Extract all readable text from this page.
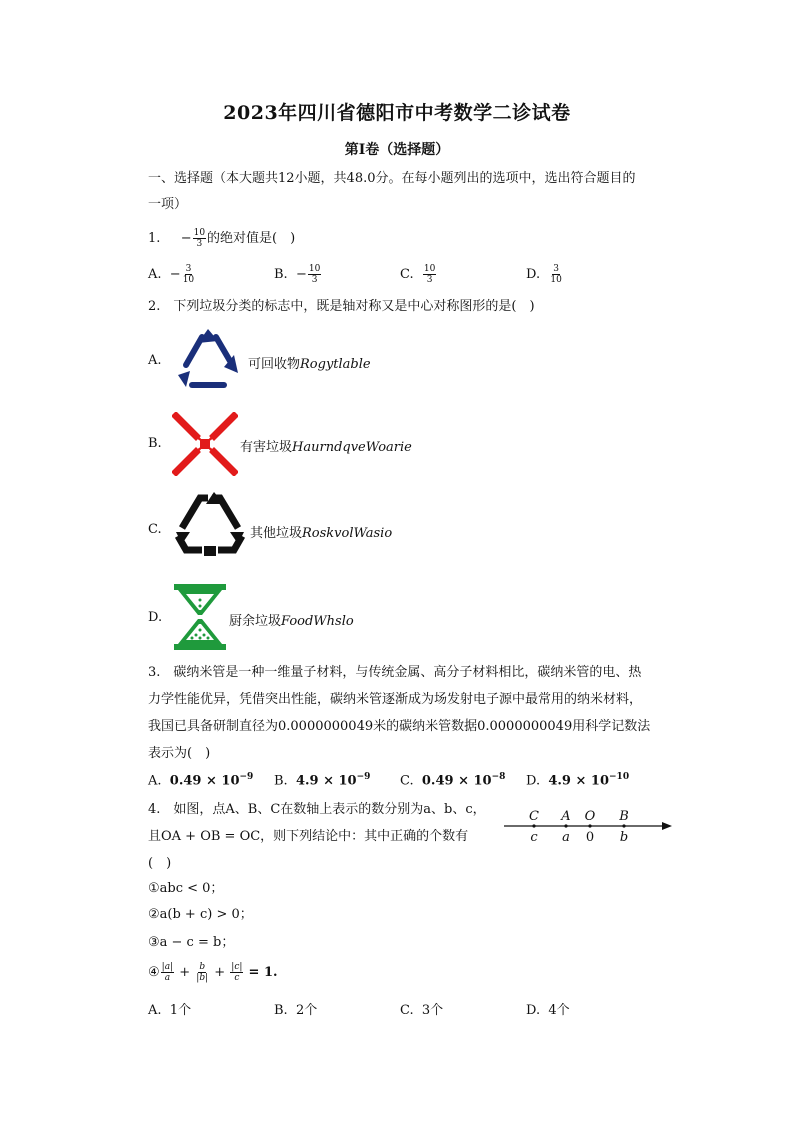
2023年四川省德阳市中考数学二诊试卷
第I卷（选择题）
一、选择题（本大题共12小题，共48.0分。在每小题列出的选项中，选出符合题目的
一项）
1. − $\frac{10}{3}$ 的绝对值是(　)
A. − $\frac{3}{10}$	B. − $\frac{10}{3}$	C. $\frac{10}{3}$	D. $\frac{3}{10}$
2.　下列垃圾分类的标志中，既是轴对称又是中心对称图形的是(　)
A.	可回收物Rogytlable
B.	有害垃圾HaurndqveWoarie
C.	其他垃圾RoskvolWasio
D.	厨余垃圾FoodWhslo
3.　碳纳米管是一种一维量子材料，与传统金属、高分子材料相比，碳纳米管的电、热
力学性能优异，凭借突出性能，碳纳米管逐渐成为场发射电子源中最常用的纳米材料，
我国已具备研制直径为0.0000000049米的碳纳米管数据0.0000000049用科学记数法
表示为(　)
A. $0.49 \times 10^{-9}$ B. $4.9 \times 10^{-9}$ C. $0.49 \times 10^{-8}$ D. $4.9 \times 10^{-10}$
4.　如图，点A、B、C在数轴上表示的数分别为a、b、c，
且OA + OB = OC，则下列结论中：其中正确的个数有
(　)
C A O B
c a 0 b
①abc < 0；
②a(b + c) > 0；
③a − c = b；
④ $\frac{|a|}{a} + \frac{b}{|b|} + \frac{|c|}{c} = 1$.
A. 1个	B. 2个	C. 3个	D. 4个
